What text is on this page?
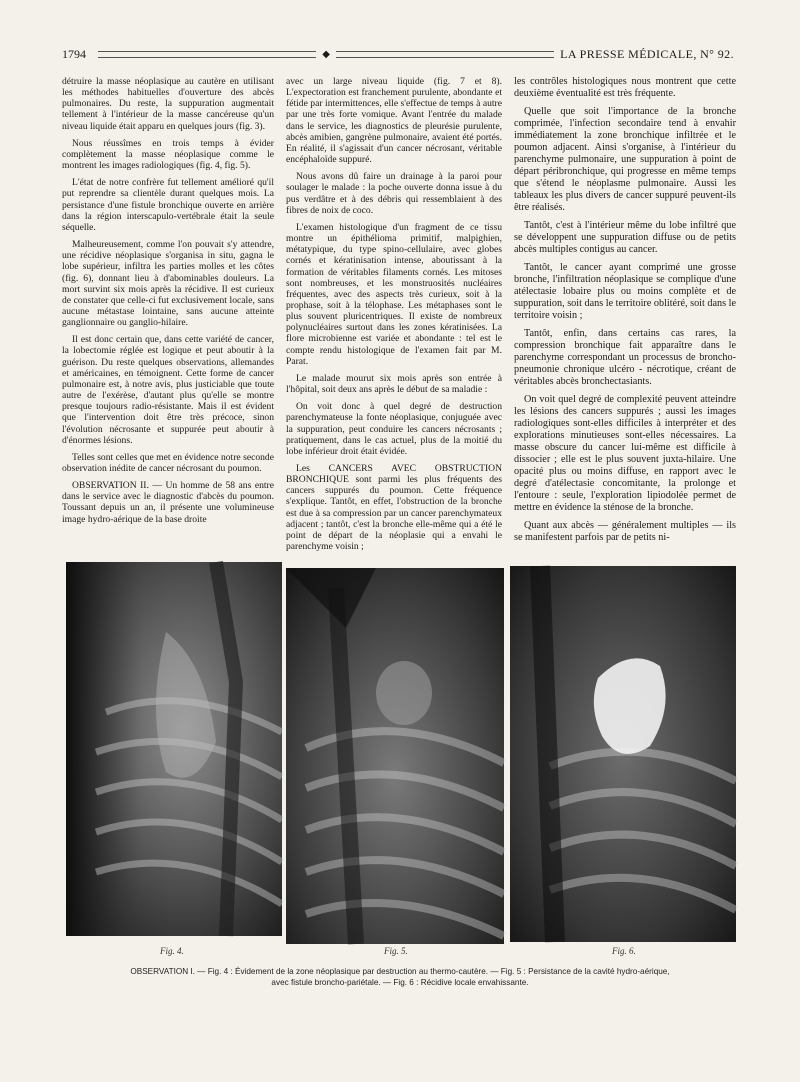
1794	◆	LA PRESSE MÉDICALE, N° 92.

détruire la masse néoplasique au cautère en utilisant les méthodes habituelles d'ouverture des abcès pulmonaires. Du reste, la suppuration augmentait tellement à l'intérieur de la masse cancéreuse qu'un niveau liquide était apparu en quelques jours (fig. 3).

Nous réussîmes en trois temps à évider complètement la masse néoplasique comme le montrent les images radiologiques (fig. 4, fig. 5).

L'état de notre confrère fut tellement amélioré qu'il put reprendre sa clientèle durant quelques mois. La persistance d'une fistule bronchique ouverte en arrière dans la région interscapulo-vertébrale était la seule séquelle.

Malheureusement, comme l'on pouvait s'y attendre, une récidive néoplasique s'organisa in situ, gagna le lobe supérieur, infiltra les parties molles et les côtes (fig. 6), donnant lieu à d'abominables douleurs. La mort survint six mois après la récidive. Il est curieux de constater que celle-ci fut exclusivement locale, sans aucune métastase lointaine, sans aucune atteinte ganglionnaire ou ganglio-hilaire.

Il est donc certain que, dans cette variété de cancer, la lobectomie réglée est logique et peut aboutir à la guérison. Du reste quelques observations, allemandes et américaines, en témoignent. Cette forme de cancer pulmonaire est, à notre avis, plus justiciable que toute autre de l'exérèse, d'autant plus qu'elle se montre presque toujours radio-résistante. Mais il est évident que l'intervention doit être très précoce, sinon l'évolution nécrosante et suppurée peut aboutir à d'énormes lésions.

Telles sont celles que met en évidence notre seconde observation inédite de cancer nécrosant du poumon.

OBSERVATION II. — Un homme de 58 ans entre dans le service avec le diagnostic d'abcès du poumon. Toussant depuis un an, il présente une volumineuse image hydro-aérique de la base droite

avec un large niveau liquide (fig. 7 et 8). L'expectoration est franchement purulente, abondante et fétide par intermittences, elle s'effectue de temps à autre par une très forte vomique. Avant l'entrée du malade dans le service, les diagnostics de pleurésie purulente, abcès amibien, gangrène pulmonaire, avaient été portés. En réalité, il s'agissait d'un cancer nécrosant, véritable encéphaloïde suppuré.

Nous avons dû faire un drainage à la paroi pour soulager le malade : la poche ouverte donna issue à du pus verdâtre et à des débris qui ressemblaient à des fibres de noix de coco.

L'examen histologique d'un fragment de ce tissu montre un épithélioma primitif, malpighien, métatypique, du type spino-cellulaire, avec globes cornés et kératinisation intense, aboutissant à la formation de véritables filaments cornés. Les mitoses sont nombreuses, et les monstruosités nucléaires fréquentes, avec des aspects très curieux, soit à la prophase, soit à la télophase. Les métaphases sont le plus souvent pluricentriques. Il existe de nombreux polynucléaires surtout dans les zones kératinisées. La flore microbienne est variée et abondante : tel est le compte rendu histologique de l'examen fait par M. Parat.

Le malade mourut six mois après son entrée à l'hôpital, soit deux ans après le début de sa maladie :

On voit donc à quel degré de destruction parenchymateuse la fonte néoplasique, conjuguée avec la suppuration, peut conduire les cancers nécrosants ; pratiquement, dans le cas actuel, plus de la moitié du lobe inférieur droit était évidée.

Les CANCERS AVEC OBSTRUCTION BRONCHIQUE sont parmi les plus fréquents des cancers suppurés du poumon. Cette fréquence s'explique. Tantôt, en effet, l'obstruction de la bronche est due à sa compression par un cancer parenchymateux adjacent ; tantôt, c'est la bronche elle-même qui a été le point de départ de la néoplasie qui a envahi le parenchyme voisin ;

les contrôles histologiques nous montrent que cette deuxième éventualité est très fréquente.

Quelle que soit l'importance de la bronche comprimée, l'infection secondaire tend à envahir immédiatement la zone bronchique infiltrée et le poumon adjacent. Ainsi s'organise, à l'intérieur du parenchyme pulmonaire, une suppuration à point de départ péribronchique, qui progresse en même temps que s'étend le néoplasme pulmonaire. Aussi les tableaux les plus divers de cancer suppuré peuvent-ils être réalisés.

Tantôt, c'est à l'intérieur même du lobe infiltré que se développent une suppuration diffuse ou de petits abcès multiples contigus au cancer.

Tantôt, le cancer ayant comprimé une grosse bronche, l'infiltration néoplasique se complique d'une atélectasie lobaire plus ou moins complète et de suppuration, soit dans le territoire oblitéré, soit dans le territoire voisin ;

Tantôt, enfin, dans certains cas rares, la compression bronchique fait apparaître dans le parenchyme correspondant un processus de broncho-pneumonie chronique ulcéro - nécrotique, créant de véritables abcès bronchectasiants.

On voit quel degré de complexité peuvent atteindre les lésions des cancers suppurés ; aussi les images radiologiques sont-elles difficiles à interpréter et des explorations minutieuses sont-elles nécessaires. La masse obscure du cancer lui-même est difficile à dissocier ; elle est le plus souvent juxta-hilaire. Une opacité plus ou moins diffuse, en rapport avec le degré d'atélectasie concomitante, la prolonge et l'entoure : seule, l'exploration lipiodolée permet de mettre en évidence la sténose de la bronche.

Quant aux abcès — généralement multiples — ils se manifestent parfois par de petits ni-

Fig. 4.	Fig. 5.	Fig. 6.
OBSERVATION I. — Fig. 4 : Évidement de la zone néoplasique par destruction au thermo-cautère. — Fig. 5 : Persistance de la cavité hydro-aérique,
avec fistule broncho-pariétale. — Fig. 6 : Récidive locale envahissante.
